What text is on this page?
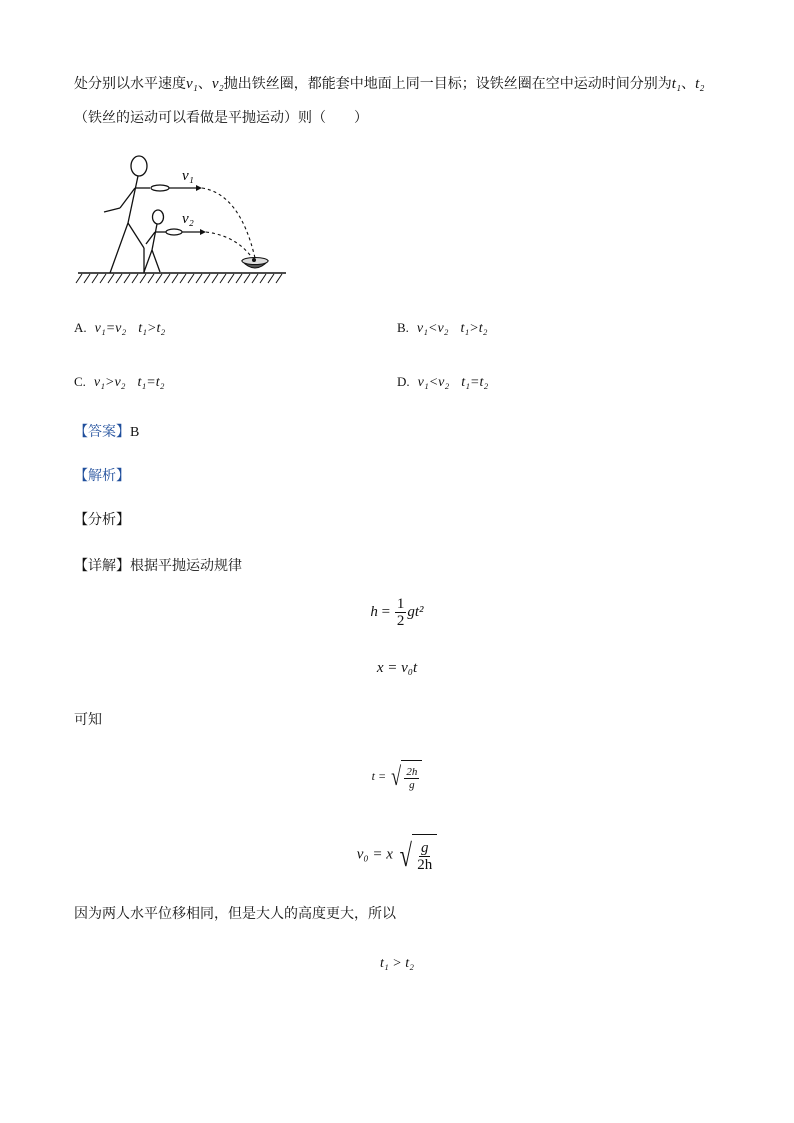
处分别以水平速度v₁、v₂抛出铁丝圈，都能套中地面上同一目标；设铁丝圈在空中运动时间分别为t₁、t₂
（铁丝的运动可以看做是平抛运动）则（　　）
v₁
v₂
A. v₁=v₂ t₁>t₂	B. v₁<v₂ t₁>t₂
C. v₁>v₂ t₁=t₂	D. v₁<v₂ t₁=t₂
【答案】B
【解析】
【分析】
【详解】根据平抛运动规律
$h = \frac{1}{2} gt^2$
x = v₀t
可知
t = √ $\frac{2h}{g}$
v₀ = x √ $\frac{g}{2h}$
因为两人水平位移相同，但是大人的高度更大，所以
t₁ > t₂
